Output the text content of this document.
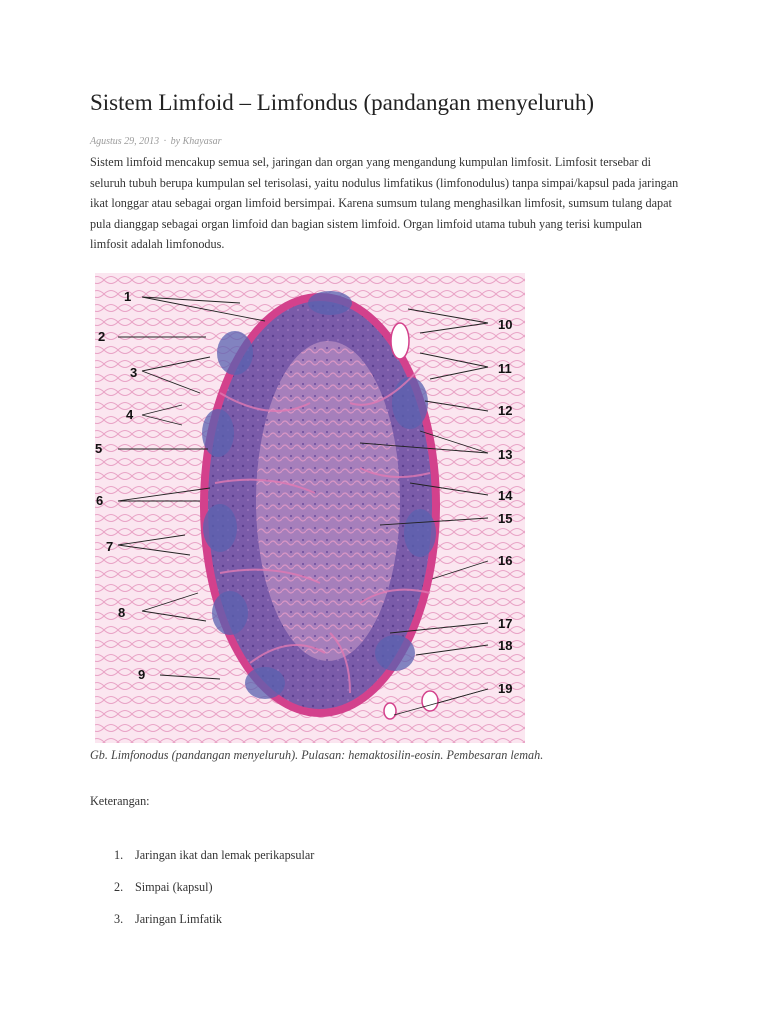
Sistem Limfoid – Limfondus (pandangan menyeluruh)
Agustus 29, 2013 · by Khayasar

Sistem limfoid mencakup semua sel, jaringan dan organ yang mengandung kumpulan limfosit. Limfosit tersebar di seluruh tubuh berupa kumpulan sel terisolasi, yaitu nodulus limfatikus (limfonodulus) tanpa simpai/kapsul pada jaringan ikat longgar atau sebagai organ limfoid bersimpai. Karena sumsum tulang menghasilkan limfosit, sumsum tulang dapat pula dianggap sebagai organ limfoid dan bagian sistem limfoid. Organ limfoid utama tubuh yang terisi kumpulan limfosit adalah limfonodus.

1
2
3
4
5
6
7
8
9
10
11
12
13
14
15
16
17
18
19
Gb. Limfonodus (pandangan menyeluruh). Pulasan: hemaktosilin-eosin. Pembesaran lemah.
Keterangan:
1. Jaringan ikat dan lemak perikapsular
2. Simpai (kapsul)
3. Jaringan Limfatik
